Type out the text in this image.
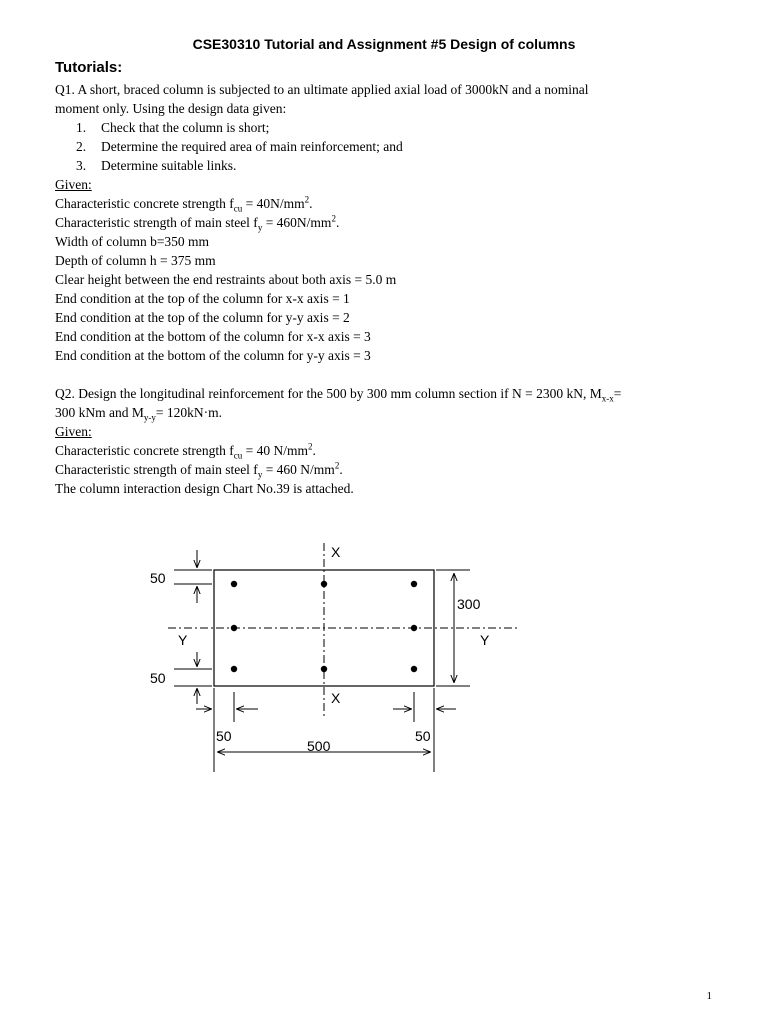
CSE30310 Tutorial and Assignment #5 Design of columns
Tutorials:
Q1. A short, braced column is subjected to an ultimate applied axial load of 3000kN and a nominal
moment only. Using the design data given:
1. Check that the column is short;
2. Determine the required area of main reinforcement; and
3. Determine suitable links.
Given:
Characteristic concrete strength $f_{cu} = 40N/mm^2$.
Characteristic strength of main steel $f_y = 460N/mm^2$.
Width of column b=350 mm
Depth of column h = 375 mm
Clear height between the end restraints about both axis = 5.0 m
End condition at the top of the column for x-x axis = 1
End condition at the top of the column for y-y axis = 2
End condition at the bottom of the column for x-x axis = 3
End condition at the bottom of the column for y-y axis = 3
Q2. Design the longitudinal reinforcement for the 500 by 300 mm column section if N = 2300 kN, $M_{x-x}=$
300 kNm and $M_{y-y}= 120kN\cdot m$.
Given:
Characteristic concrete strength $f_{cu} = 40$ $N/mm^2$.
Characteristic strength of main steel $f_y = 460$ $N/mm^2$.
The column interaction design Chart No.39 is attached.
X
X
Y	Y
50
50
300
50	50
500
1
